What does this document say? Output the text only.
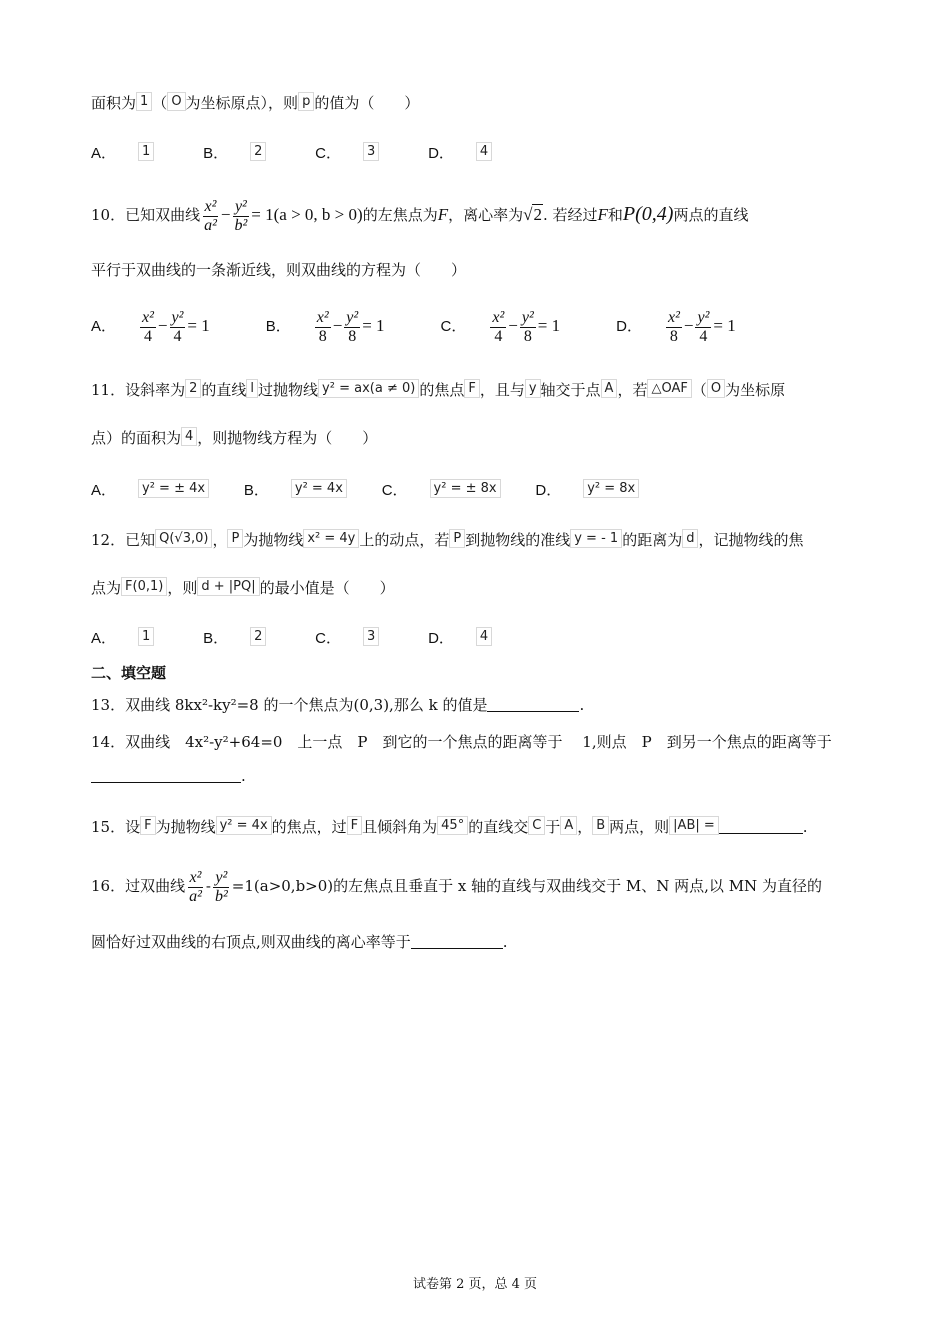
面积为 1 （ O 为坐标原点），则 p 的值为（　　）
A． 1	B． 2	C． 3	D． 4
10．已知双曲线 $\frac{\text{x²}}{\text{a²}} - \frac{\text{y²}}{\text{b²}} = 1(a > 0$, b > 0)的左焦点为F，离心率为√2. 若经过F和P(0,4)两点的直线
平行于双曲线的一条渐近线，则双曲线的方程为（　　）
A． $\frac{\text{x²}}{4} - \frac{\text{y²}}{4} = 1$	B． $\frac{\text{x²}}{8} - \frac{\text{y²}}{8} = 1$	C． $\frac{\text{x²}}{4} - \frac{\text{y²}}{8} = 1$	D． $\frac{\text{x²}}{8} - \frac{\text{y²}}{4} = 1$
11．设斜率为 2 的直线 l 过抛物线 y² = ax(a ≠ 0) 的焦点 F ，且与 y 轴交于点 A ，若 △OAF （ O 为坐标原
点）的面积为 4 ，则抛物线方程为（　　）
A． y² = ± 4x	B． y² = 4x	C． y² = ± 8x	D． y² = 8x
12．已知 Q(√3,0) ， P 为抛物线 x² = 4y 上的动点，若 P 到抛物线的准线 y = - 1 的距离为 d ，记抛物线的焦
点为 F(0,1) ，则 d + |PQ| 的最小值是（　　）
A． 1	B． 2	C． 3	D． 4
二、填空题
13．双曲线 8kx²-ky²=8 的一个焦点为(0,3),那么 k 的值是	.
14．双曲线　4x²-y²+64=0　上一点　P　到它的一个焦点的距离等于　 1,则点　P　到另一个焦点的距离等于
.
15．设 F 为抛物线 y² = 4x 的焦点，过 F 且倾斜角为 45° 的直线交 C 于 A ， B 两点，则 |AB| =	.
16．过双曲线 $\frac{\text{x²}}{\text{a²}} - \frac{\text{y²}}{\text{b²}} =1(a>0,b>0)$的左焦点且垂直于 x 轴的直线与双曲线交于 M、N 两点,以 MN 为直径的
圆恰好过双曲线的右顶点,则双曲线的离心率等于	.
试卷第 2 页，总 4 页
